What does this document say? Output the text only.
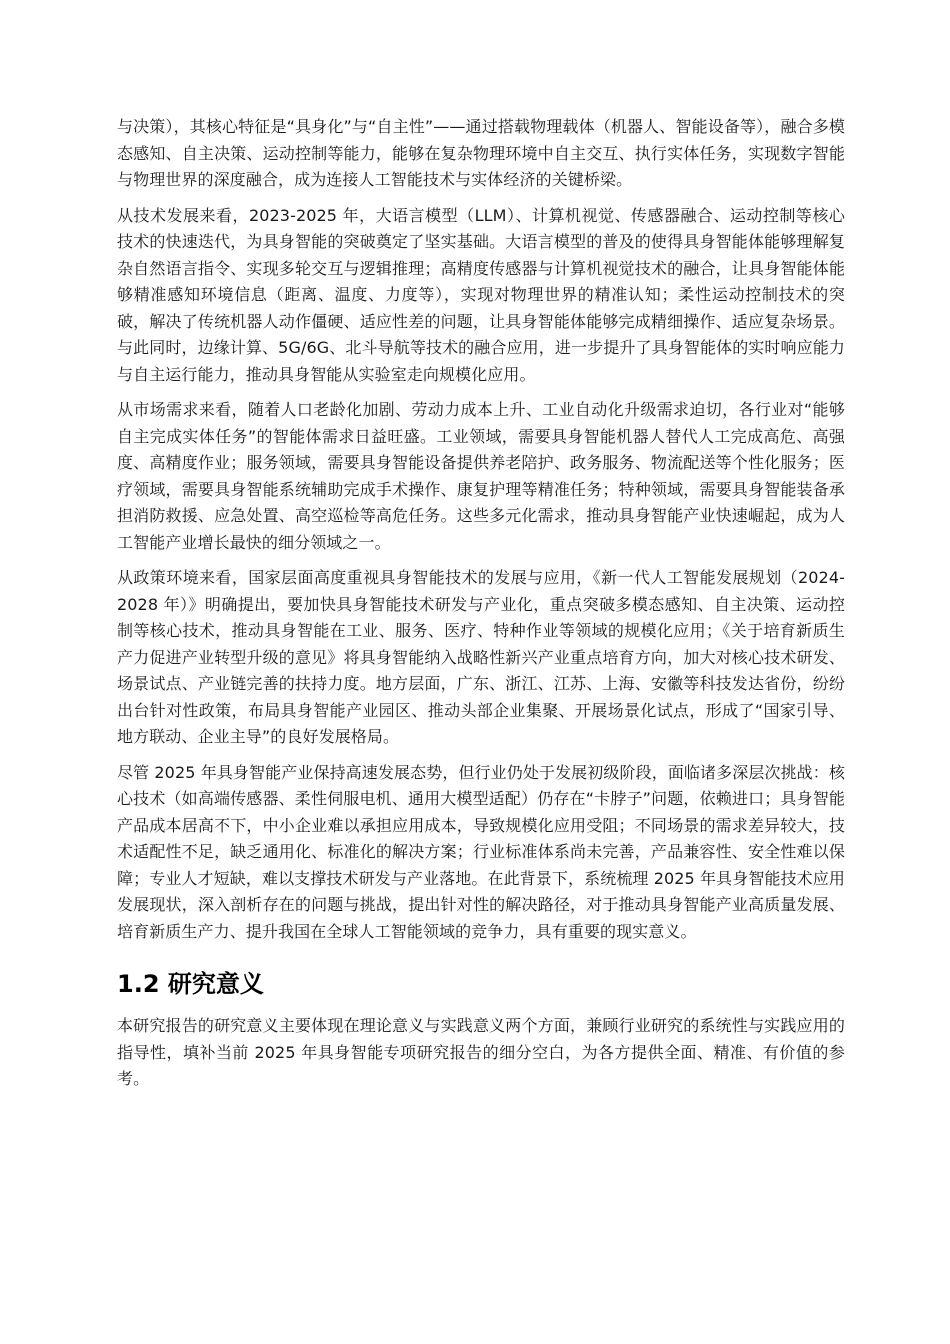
与决策），其核心特征是“具身化”与“自主性”——通过搭载物理载体（机器人、智能设备等），融合多模态感知、自主决策、运动控制等能力，能够在复杂物理环境中自主交互、执行实体任务，实现数字智能与物理世界的深度融合，成为连接人工智能技术与实体经济的关键桥梁。

从技术发展来看，2023-2025 年，大语言模型（LLM）、计算机视觉、传感器融合、运动控制等核心技术的快速迭代，为具身智能的突破奠定了坚实基础。大语言模型的普及的使得具身智能体能够理解复杂自然语言指令、实现多轮交互与逻辑推理；高精度传感器与计算机视觉技术的融合，让具身智能体能够精准感知环境信息（距离、温度、力度等），实现对物理世界的精准认知；柔性运动控制技术的突破，解决了传统机器人动作僵硬、适应性差的问题，让具身智能体能够完成精细操作、适应复杂场景。与此同时，边缘计算、5G/6G、北斗导航等技术的融合应用，进一步提升了具身智能体的实时响应能力与自主运行能力，推动具身智能从实验室走向规模化应用。

从市场需求来看，随着人口老龄化加剧、劳动力成本上升、工业自动化升级需求迫切，各行业对“能够自主完成实体任务”的智能体需求日益旺盛。工业领域，需要具身智能机器人替代人工完成高危、高强度、高精度作业；服务领域，需要具身智能设备提供养老陪护、政务服务、物流配送等个性化服务；医疗领域，需要具身智能系统辅助完成手术操作、康复护理等精准任务；特种领域，需要具身智能装备承担消防救援、应急处置、高空巡检等高危任务。这些多元化需求，推动具身智能产业快速崛起，成为人工智能产业增长最快的细分领域之一。

从政策环境来看，国家层面高度重视具身智能技术的发展与应用，《新一代人工智能发展规划（2024-2028 年）》明确提出，要加快具身智能技术研发与产业化，重点突破多模态感知、自主决策、运动控制等核心技术，推动具身智能在工业、服务、医疗、特种作业等领域的规模化应用；《关于培育新质生产力促进产业转型升级的意见》将具身智能纳入战略性新兴产业重点培育方向，加大对核心技术研发、场景试点、产业链完善的扶持力度。地方层面，广东、浙江、江苏、上海、安徽等科技发达省份，纷纷出台针对性政策，布局具身智能产业园区、推动头部企业集聚、开展场景化试点，形成了“国家引导、地方联动、企业主导”的良好发展格局。

尽管 2025 年具身智能产业保持高速发展态势，但行业仍处于发展初级阶段，面临诸多深层次挑战：核心技术（如高端传感器、柔性伺服电机、通用大模型适配）仍存在“卡脖子”问题，依赖进口；具身智能产品成本居高不下，中小企业难以承担应用成本，导致规模化应用受阻；不同场景的需求差异较大，技术适配性不足，缺乏通用化、标准化的解决方案；行业标准体系尚未完善，产品兼容性、安全性难以保障；专业人才短缺，难以支撑技术研发与产业落地。在此背景下，系统梳理 2025 年具身智能技术应用发展现状，深入剖析存在的问题与挑战，提出针对性的解决路径，对于推动具身智能产业高质量发展、培育新质生产力、提升我国在全球人工智能领域的竞争力，具有重要的现实意义。

1.2 研究意义

本研究报告的研究意义主要体现在理论意义与实践意义两个方面，兼顾行业研究的系统性与实践应用的指导性，填补当前 2025 年具身智能专项研究报告的细分空白，为各方提供全面、精准、有价值的参考。
